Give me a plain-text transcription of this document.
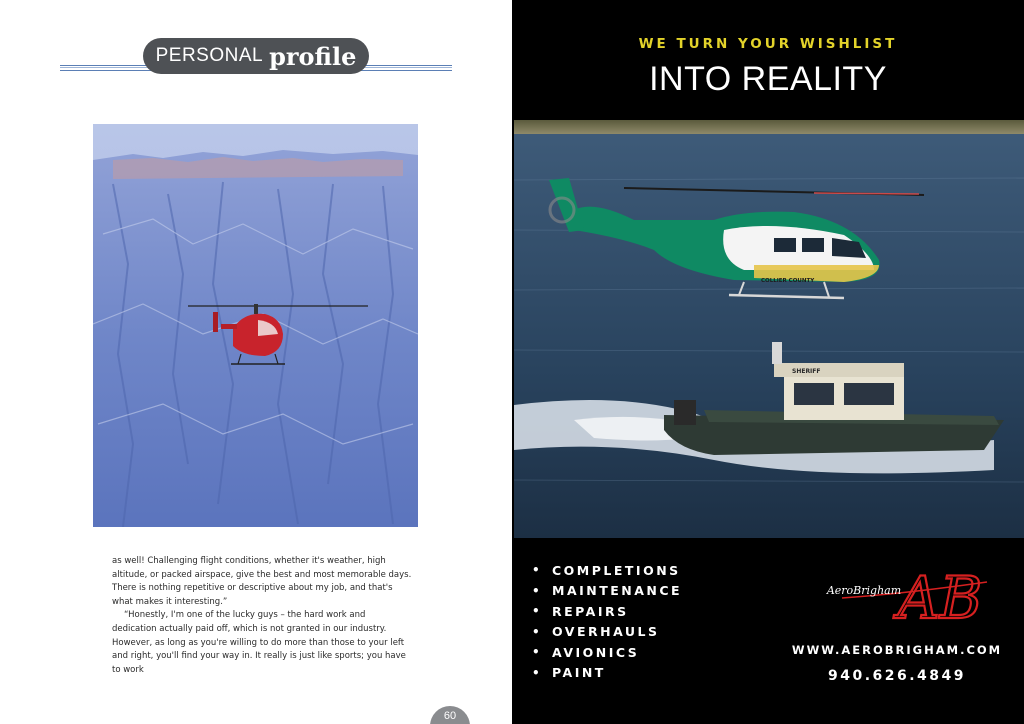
PERSONAL profile

as well! Challenging flight conditions, whether it's weather, high altitude, or packed airspace, give the best and most memorable days. There is nothing repetitive or descriptive about my job, and that's what makes it interesting.”

“Honestly, I'm one of the lucky guys – the hard work and dedication actually paid off, which is not granted in our industry. However, as long as you're willing to do more than those to your left and right, you'll find your way in. It really is just like sports; you have to work

60
WE TURN YOUR WISHLIST
INTO REALITY
SHERIFF
COLLIER COUNTY
• COMPLETIONS
• MAINTENANCE
• REPAIRS
• OVERHAULS
• AVIONICS
• PAINT
AB
AeroBrigham
WWW.AEROBRIGHAM.COM
940.626.4849
